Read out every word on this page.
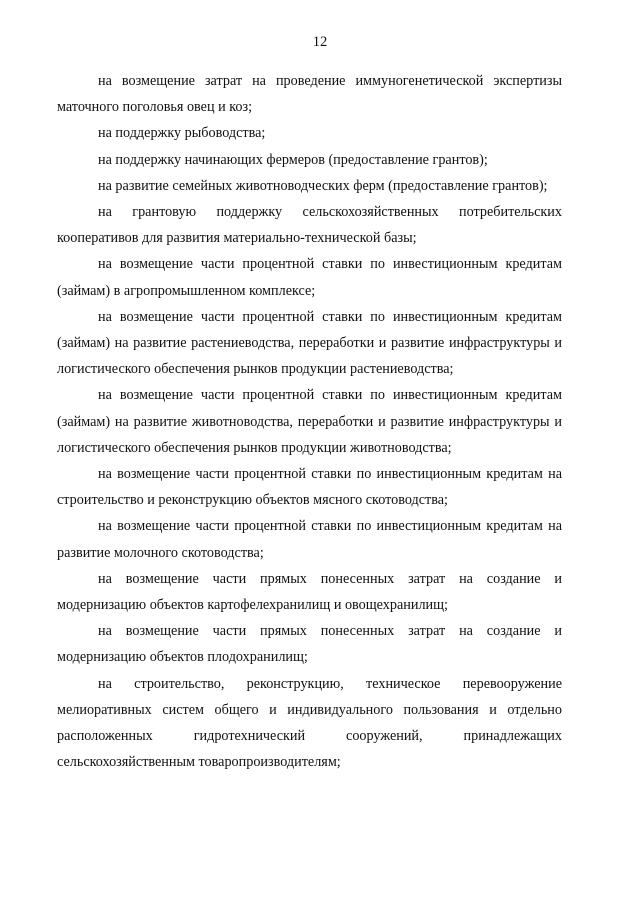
12

на возмещение затрат на проведение иммуногенетической экспертизы маточного поголовья овец и коз;

на поддержку рыбоводства;

на поддержку начинающих фермеров (предоставление грантов);

на развитие семейных животноводческих ферм (предоставление грантов);

на грантовую поддержку сельскохозяйственных потребительских кооперативов для развития материально-технической базы;

на возмещение части процентной ставки по инвестиционным кредитам (займам) в агропромышленном комплексе;

на возмещение части процентной ставки по инвестиционным кредитам (займам) на развитие растениеводства, переработки и развитие инфраструктуры и логистического обеспечения рынков продукции растениеводства;

на возмещение части процентной ставки по инвестиционным кредитам (займам) на развитие животноводства, переработки и развитие инфраструктуры и логистического обеспечения рынков продукции животноводства;

на возмещение части процентной ставки по инвестиционным кредитам на строительство и реконструкцию объектов мясного скотоводства;

на возмещение части процентной ставки по инвестиционным кредитам на развитие молочного скотоводства;

на возмещение части прямых понесенных затрат на создание и модернизацию объектов картофелехранилищ и овощехранилищ;

на возмещение части прямых понесенных затрат на создание и модернизацию объектов плодохранилищ;

на строительство, реконструкцию, техническое перевооружение мелиоративных систем общего и индивидуального пользования и отдельно расположенных гидротехнический сооружений, принадлежащих сельскохозяйственным товаропроизводителям;
